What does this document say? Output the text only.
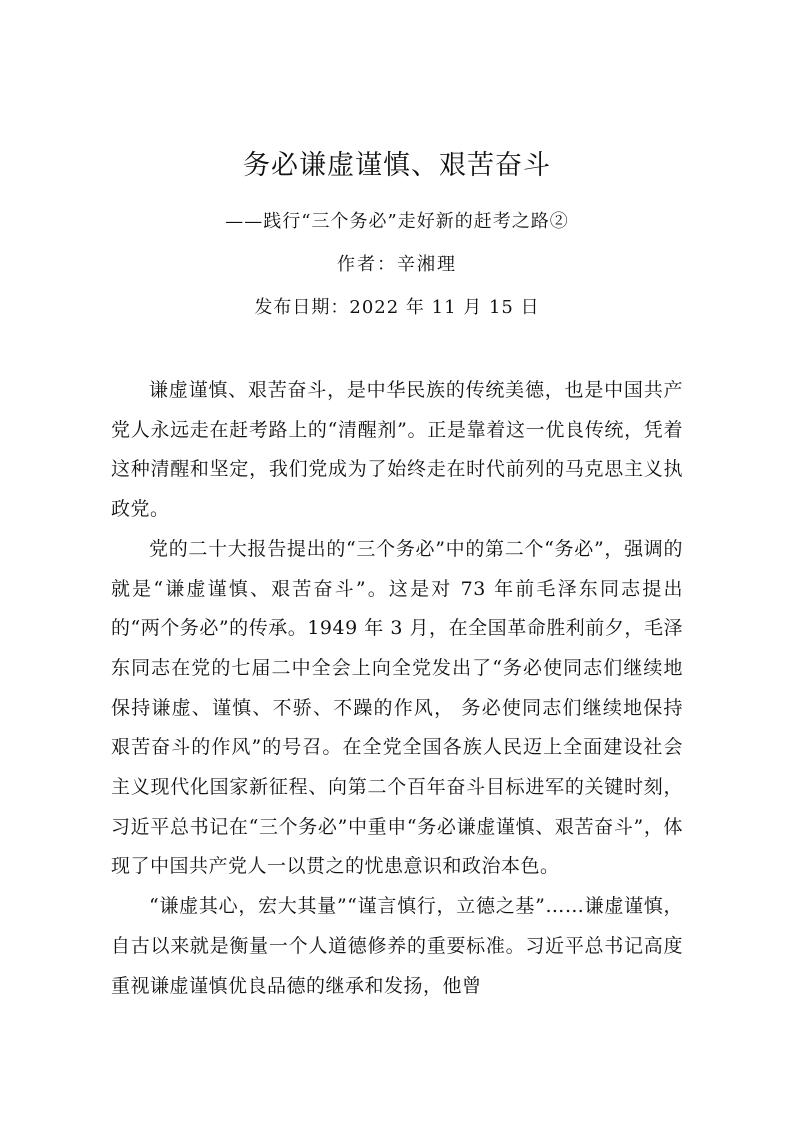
务必谦虚谨慎、艰苦奋斗
——践行“三个务必”走好新的赶考之路②
作者：辛湘理
发布日期：2022 年 11 月 15 日

谦虚谨慎、艰苦奋斗，是中华民族的传统美德，也是中国共产党人永远走在赶考路上的“清醒剂”。正是靠着这一优良传统，凭着这种清醒和坚定，我们党成为了始终走在时代前列的马克思主义执政党。

党的二十大报告提出的“三个务必”中的第二个“务必”，强调的就是“谦虚谨慎、艰苦奋斗”。这是对 73 年前毛泽东同志提出的“两个务必”的传承。1949 年 3 月，在全国革命胜利前夕，毛泽东同志在党的七届二中全会上向全党发出了“务必使同志们继续地保持谦虚、谨慎、不骄、不躁的作风， 务必使同志们继续地保持艰苦奋斗的作风”的号召。在全党全国各族人民迈上全面建设社会主义现代化国家新征程、向第二个百年奋斗目标进军的关键时刻，习近平总书记在“三个务必”中重申“务必谦虚谨慎、艰苦奋斗”，体现了中国共产党人一以贯之的忧患意识和政治本色。

“谦虚其心，宏大其量”“谨言慎行，立德之基”……谦虚谨慎，自古以来就是衡量一个人道德修养的重要标准。习近平总书记高度重视谦虚谨慎优良品德的继承和发扬，他曾
